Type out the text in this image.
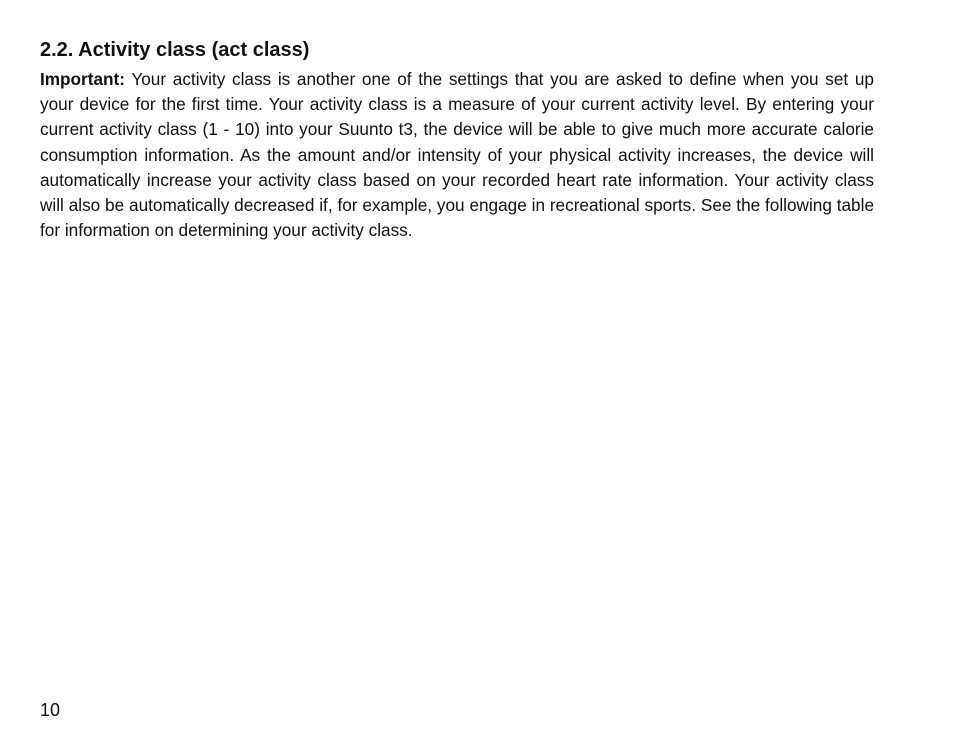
2.2. Activity class (act class)

Important: Your activity class is another one of the settings that you are asked to define when you set up your device for the first time. Your activity class is a measure of your current activity level. By entering your current activity class (1 - 10) into your Suunto t3, the device will be able to give much more accurate calorie consumption information. As the amount and/or intensity of your physical activity increases, the device will automatically increase your activity class based on your recorded heart rate information. Your activity class will also be automatically decreased if, for example, you engage in recreational sports. See the following table for information on determining your activity class.

10
